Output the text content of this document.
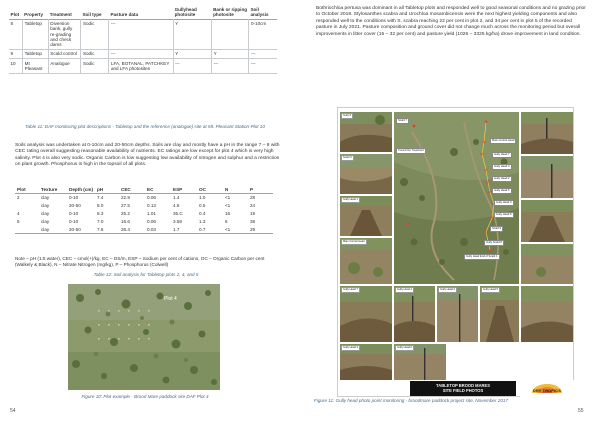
Plot	Property	Treatment	Soil type	Pasture data	Gullyhead photosite	Bank or ripping photosite	Soil analysis
8	Tabletop	Diversion bank, gully re-grading and check dams	Sodic	---	Y		0-10cm
9	Tabletop	Scald control	Sodic	---	Y	Y	---
10	Mt Pleasant	Analogue	Sodic	LFA, BOTANAL, PATCHKEY and LFA photosites	---	---	---
Table 11: DAF monitoring plot descriptions - Tabletop and the reference (analogue) site at Mt. Pleasant Station-Plot 10
Soils analysis was undertaken at 0-10cm and 20-50cm depths. Soils are clay and mostly have a pH in the range 7 – 8 with CEC rating overall suggesting reasonable availability of nutrients. EC ratings are low except for plot 4 which is very high salinity. Plot 4 is also very sodic. Organic Carbon is low suggesting low availability of nitrogen and sulphur and a restriction on plant growth. Phosphorus is high in the topsoil of all plots.
Plot	Texture	Depth (cm)	pH	CEC	EC	ESP	OC	N	P
2	clay	0-10	7.4	22.9	0.06	1.4	1.0	<1	28
	clay	20-50	8.0	27.5	0.13	4.6	0.5	<1	24
4	clay	0-10	8.3	25.2	1.01	35.C	0.4	16	19
5	clay	0-10	7.0	16.6	0.06	3.59	1.3	6	38
	clay	20-50	7.5	26.4	0.03	1.7	0.7	<1	29
Note – pH (1:5 water), CEC – cmol(+)/kg, EC – DS/m, ESP – Sodium per cent of cations, OC – Organic Carbon per cent (Walkely & Black), N – Nitrate Nitrogen (mg/kg), P – Phosphorus (Colwell)
Table 12: Soil analysis for Tabletop plots 2, 4, and 5
Plot 4
Figure 10: Plot example - Brood Mare paddock site DAF Plot 4
54
Bothriochloa pertusa was dominant in all Tabletop plots and responded well to good seasonal conditions and no grazing prior to October 2018. Stylosanthes scabra and Urochloa mosambicensis were the next highest yielding components and also responded well to the conditions with S. scabra reaching 22 per cent in plot 2, and 34 per cent in plot 5 of the recorded pasture in July 2021. Pasture composition and ground cover did not change much across the monitoring period but overall improvements in litter cover (15 – 32 per cent) and pasture yield (1026 – 3325 kg/ha) drove improvement in land condition.
Gully 8
Scald 9
Gully Head 1
Main Control Head
Gully Head 7
Scald 7
Control No Treatment
Main Control Head
Gully Head 7
Gully Head 4
Gully Head 2
Gully Head 5
Gully Head 3
Gully Head 6
Scald 9
Gully Scald 8
Gully Head End of Scald 1
Gully Head 4	Gully Head 2	Gully Head 5
Gully Head 3	Gully Head 6
TABLETOP BROOD MARES
SITE FIELD PHOTOS	DRY TROPICS
Figure 11: Gully head photo point monitoring - broodmare paddock project site, November 2017
55
